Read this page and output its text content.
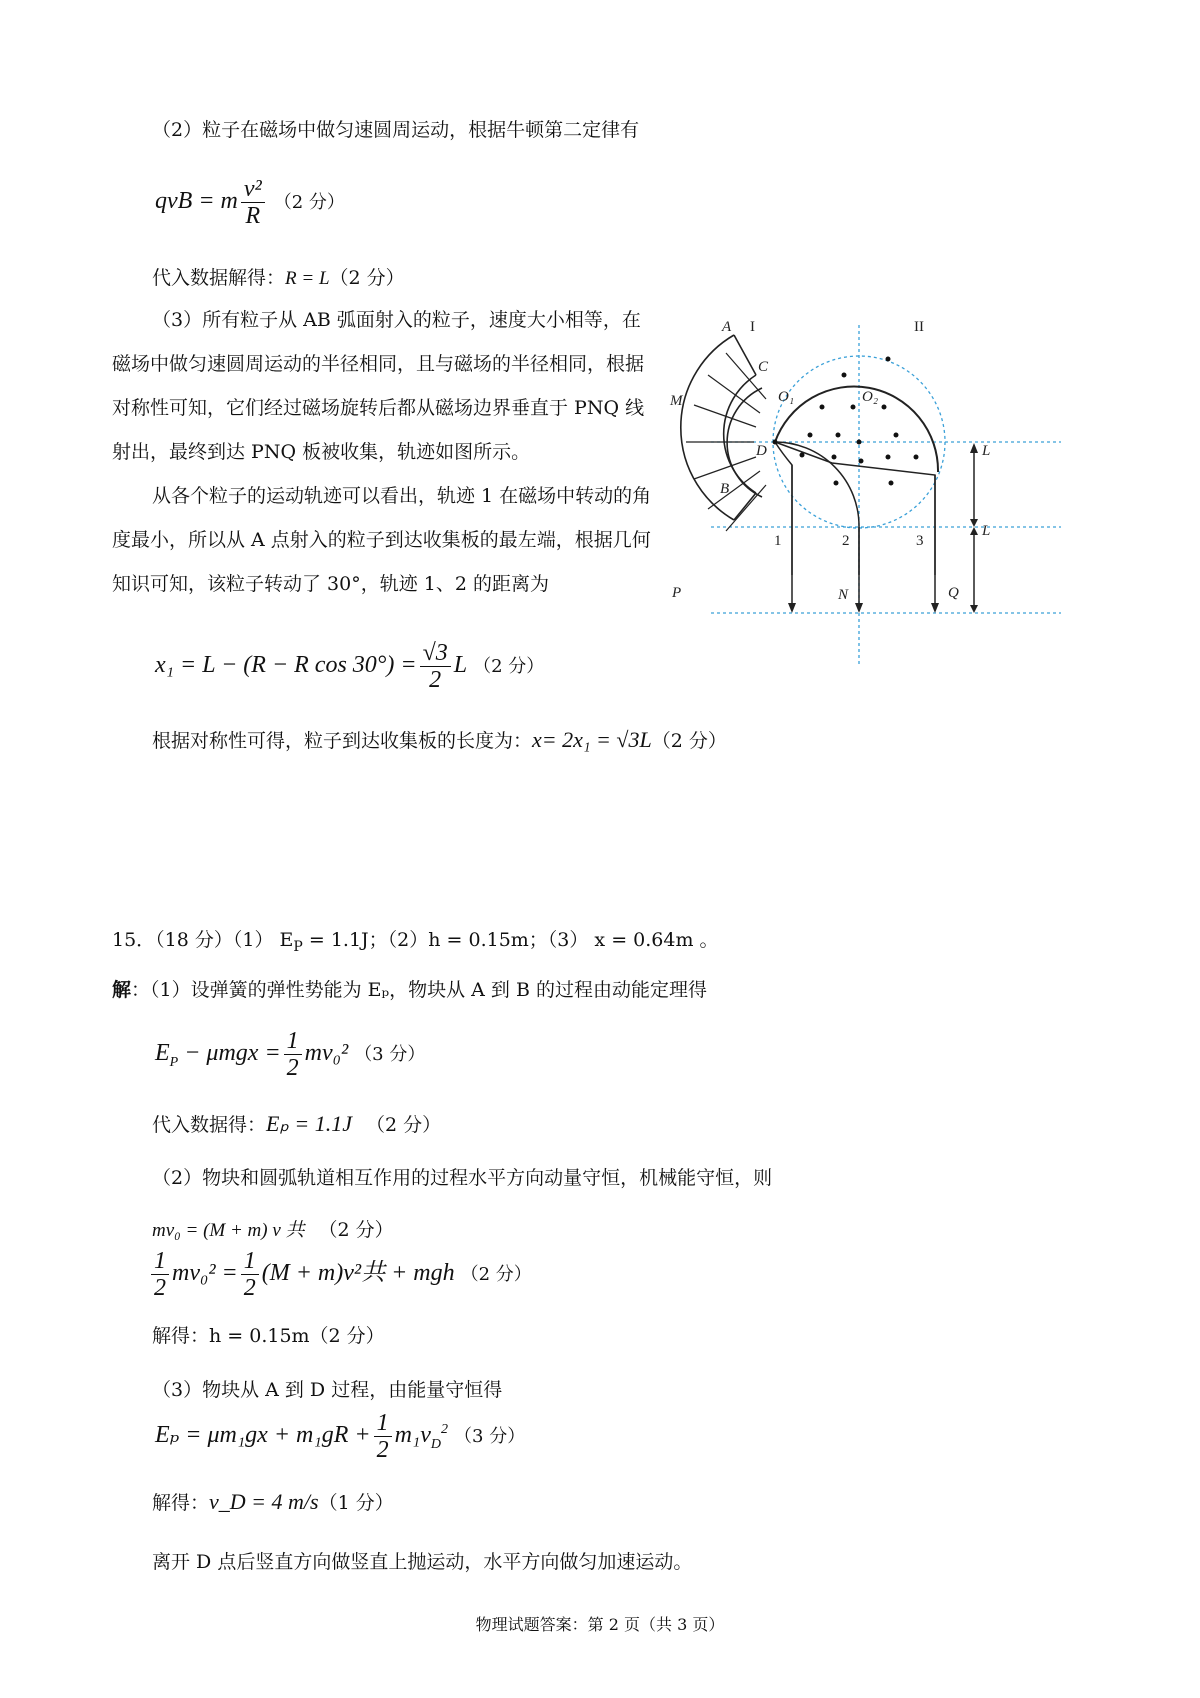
（2）粒子在磁场中做匀速圆周运动，根据牛顿第二定律有
qvB = m $\frac{\text{v²}}{R} (2$ 分）
代入数据解得：R = L（2 分）

（3）所有粒子从 AB 弧面射入的粒子，速度大小相等，在磁场中做匀速圆周运动的半径相同，且与磁场的半径相同，根据对称性可知，它们经过磁场旋转后都从磁场边界垂直于 PNQ 线射出，最终到达 PNQ 板被收集，轨迹如图所示。

从各个粒子的运动轨迹可以看出，轨迹 1 在磁场中转动的角度最小，所以从 A 点射入的粒子到达收集板的最左端，根据几何知识可知，该粒子转动了 30°，轨迹 1、2 的距离为

x₁ = L − (R − R $\cos 30^\circ) = \frac{√3}{2}$ L （2 分）
根据对称性可得，粒子到达收集板的长度为：x= 2x₁ = √3L（2 分）
A I	II
C
M	O₁	O₂
D
B
L
L
1	2	3
P	N	Q
15．（18 分）（1） $E_P = 1.1J$；（2）h = 0.15m；（3） x = 0.64m 。
解：（1）设弹簧的弹性势能为 Eₚ，物块从 A 到 B 的过程由动能定理得
$E_P - \mu mgx = \frac{1}{2} mv_0^2$ （3 分）
代入数据得：Eₚ = 1.1J （2 分）
（2）物块和圆弧轨道相互作用的过程水平方向动量守恒，机械能守恒，则
mv₀ = (M + m) v 共 （2 分）
$\frac{1}{2} mv_0^2 = \frac{1}{2} (M + m)v^2$共 + mgh （2 分）
解得：h = 0.15m（2 分）
（3）物块从 A 到 D 过程，由能量守恒得
$E_p = \mu m_1gx + m_1gR + \frac{1}{2} m_1v_D^2$ （3 分）
解得：v_D = 4 m/s（1 分）
离开 D 点后竖直方向做竖直上抛运动，水平方向做匀加速运动。
物理试题答案：第 2 页（共 3 页）
